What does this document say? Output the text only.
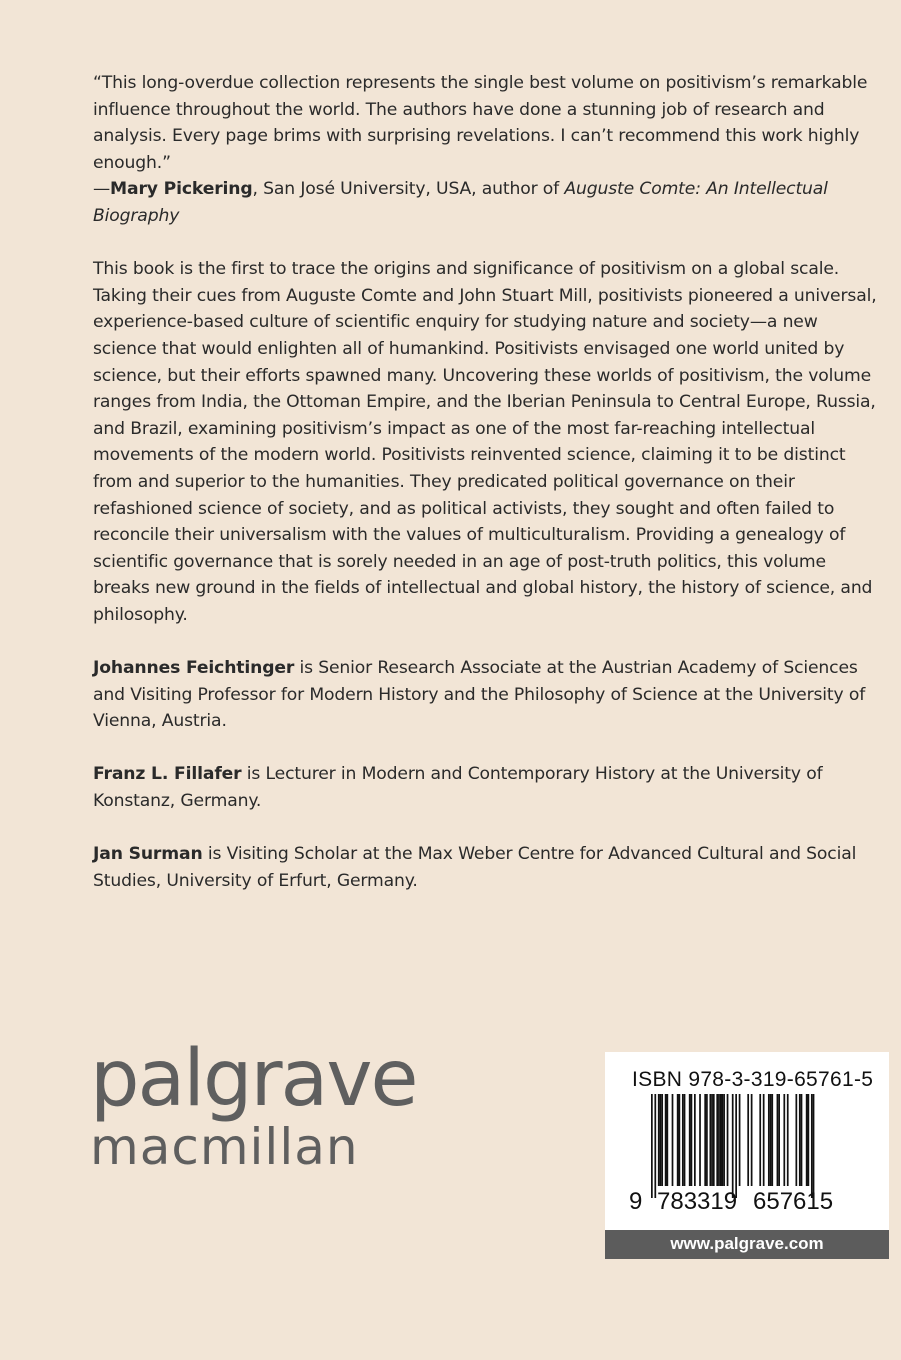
“This long-overdue collection represents the single best volume on positivism’s remarkable influence throughout the world. The authors have done a stunning job of research and analysis. Every page brims with surprising revelations. I can’t recommend this work highly enough.”
—Mary Pickering, San José University, USA, author of Auguste Comte: An Intellectual Biography

This book is the first to trace the origins and significance of positivism on a global scale. Taking their cues from Auguste Comte and John Stuart Mill, positivists pioneered a universal, experience-based culture of scientific enquiry for studying nature and society—a new science that would enlighten all of humankind. Positivists envisaged one world united by science, but their efforts spawned many. Uncovering these worlds of positivism, the volume ranges from India, the Ottoman Empire, and the Iberian Peninsula to Central Europe, Russia, and Brazil, examining positivism’s impact as one of the most far-reaching intellectual movements of the modern world. Positivists reinvented science, claiming it to be distinct from and superior to the humanities. They predicated political governance on their refashioned science of society, and as political activists, they sought and often failed to reconcile their universalism with the values of multiculturalism. Providing a genealogy of scientific governance that is sorely needed in an age of post-truth politics, this volume breaks new ground in the fields of intellectual and global history, the history of science, and philosophy.

Johannes Feichtinger is Senior Research Associate at the Austrian Academy of Sciences and Visiting Professor for Modern History and the Philosophy of Science at the University of Vienna, Austria.

Franz L. Fillafer is Lecturer in Modern and Contemporary History at the University of Konstanz, Germany.

Jan Surman is Visiting Scholar at the Max Weber Centre for Advanced Cultural and Social Studies, University of Erfurt, Germany.

palgrave
macmillan
ISBN 978-3-319-65761-5
9 783319 657615
www.palgrave.com
